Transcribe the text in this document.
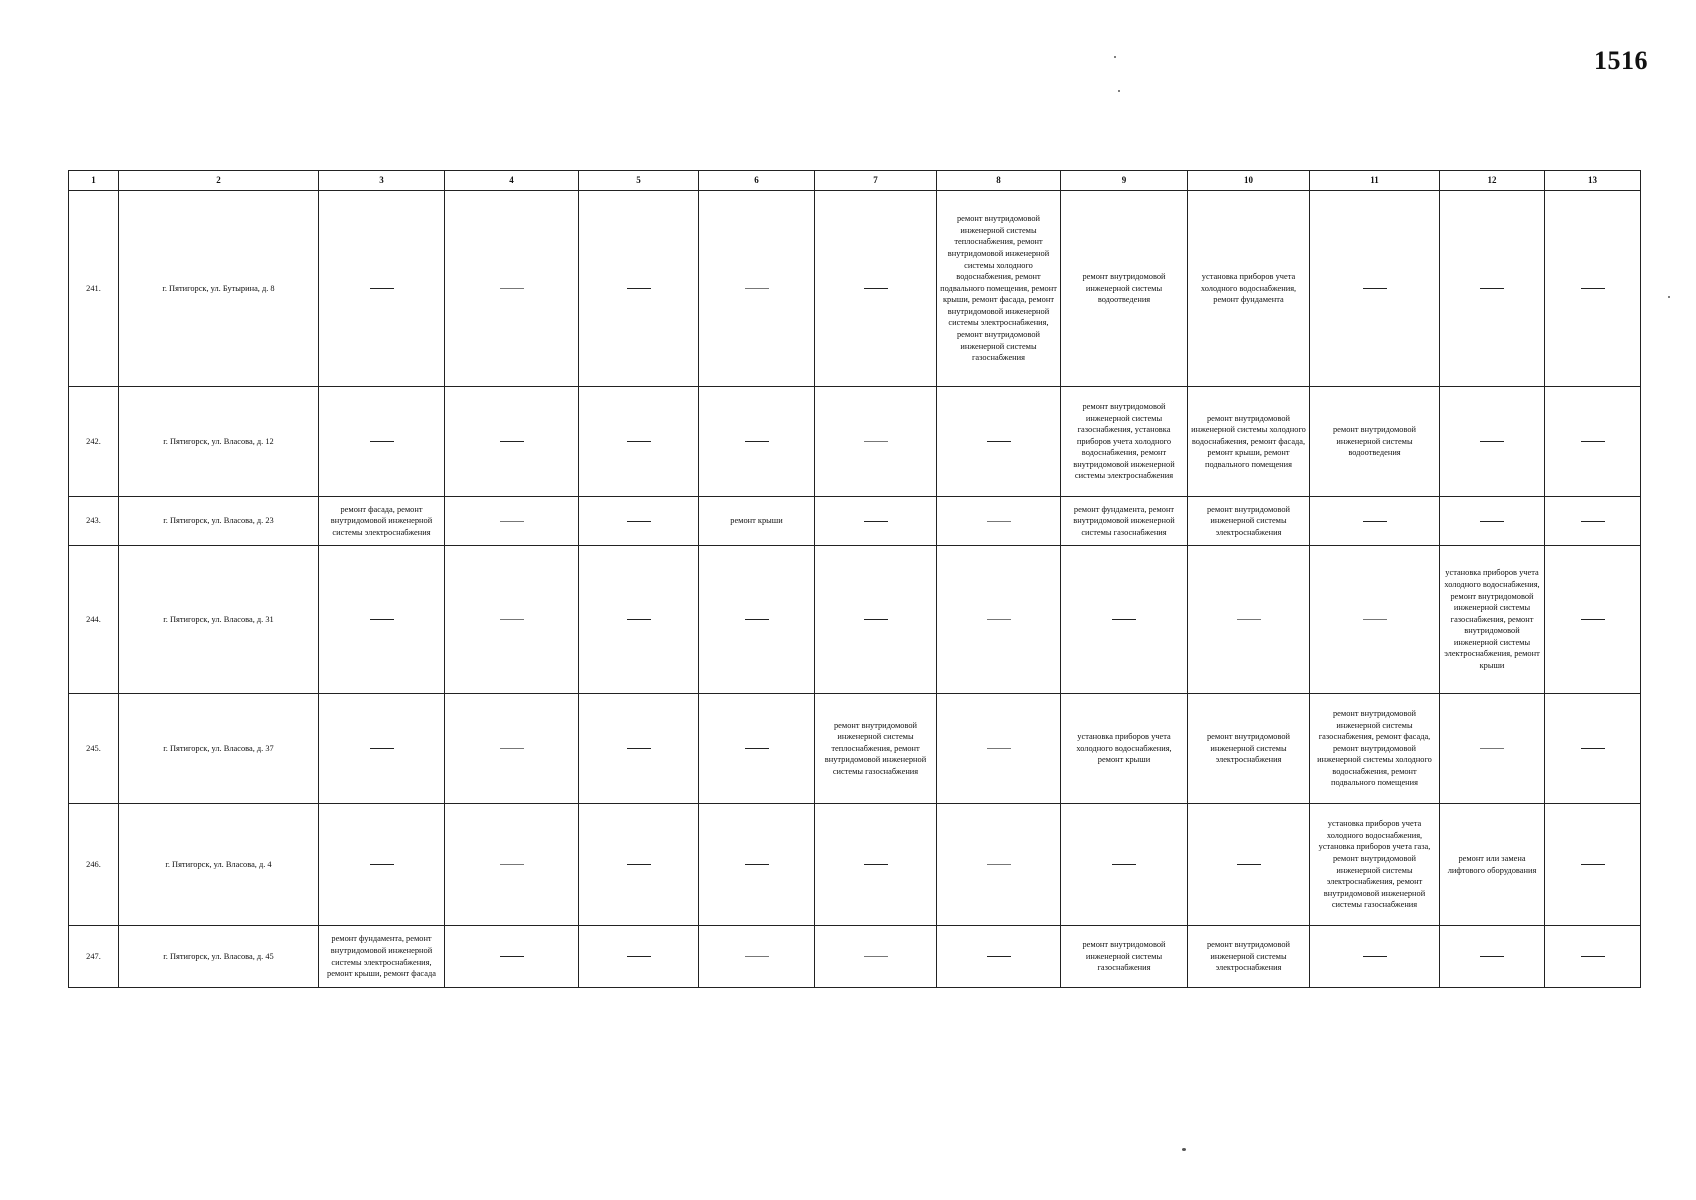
1516
1	2	3	4	5	6	7	8	9	10	11	12	13
241.	г. Пятигорск, ул. Бутырина, д. 8						ремонт внутридомовой инженерной системы теплоснабжения, ремонт внутридомовой инженерной системы холодного водоснабжения, ремонт подвального помещения, ремонт крыши, ремонт фасада, ремонт внутридомовой инженерной системы электроснабжения, ремонт внутридомовой инженерной системы газоснабжения	ремонт внутридомовой инженерной системы водоотведения	установка приборов учета холодного водоснабжения, ремонт фундамента			
242.	г. Пятигорск, ул. Власова, д. 12							ремонт внутридомовой инженерной системы газоснабжения, установка приборов учета холодного водоснабжения, ремонт внутридомовой инженерной системы электроснабжения	ремонт внутридомовой инженерной системы холодного водоснабжения, ремонт фасада, ремонт крыши, ремонт подвального помещения	ремонт внутридомовой инженерной системы водоотведения		
243.	г. Пятигорск, ул. Власова, д. 23	ремонт фасада, ремонт внутридомовой инженерной системы электроснабжения			ремонт крыши			ремонт фундамента, ремонт внутридомовой инженерной системы газоснабжения	ремонт внутридомовой инженерной системы электроснабжения			
244.	г. Пятигорск, ул. Власова, д. 31										установка приборов учета холодного водоснабжения, ремонт внутридомовой инженерной системы газоснабжения, ремонт внутридомовой инженерной системы электроснабжения, ремонт крыши	
245.	г. Пятигорск, ул. Власова, д. 37					ремонт внутридомовой инженерной системы теплоснабжения, ремонт внутридомовой инженерной системы газоснабжения		установка приборов учета холодного водоснабжения, ремонт крыши	ремонт внутридомовой инженерной системы электроснабжения	ремонт внутридомовой инженерной системы газоснабжения, ремонт фасада, ремонт внутридомовой инженерной системы холодного водоснабжения, ремонт подвального помещения		
246.	г. Пятигорск, ул. Власова, д. 4									установка приборов учета холодного водоснабжения, установка приборов учета газа, ремонт внутридомовой инженерной системы электроснабжения, ремонт внутридомовой инженерной системы газоснабжения	ремонт или замена лифтового оборудования	
247.	г. Пятигорск, ул. Власова, д. 45	ремонт фундамента, ремонт внутридомовой инженерной системы электроснабжения, ремонт крыши, ремонт фасада						ремонт внутридомовой инженерной системы газоснабжения	ремонт внутридомовой инженерной системы электроснабжения			
